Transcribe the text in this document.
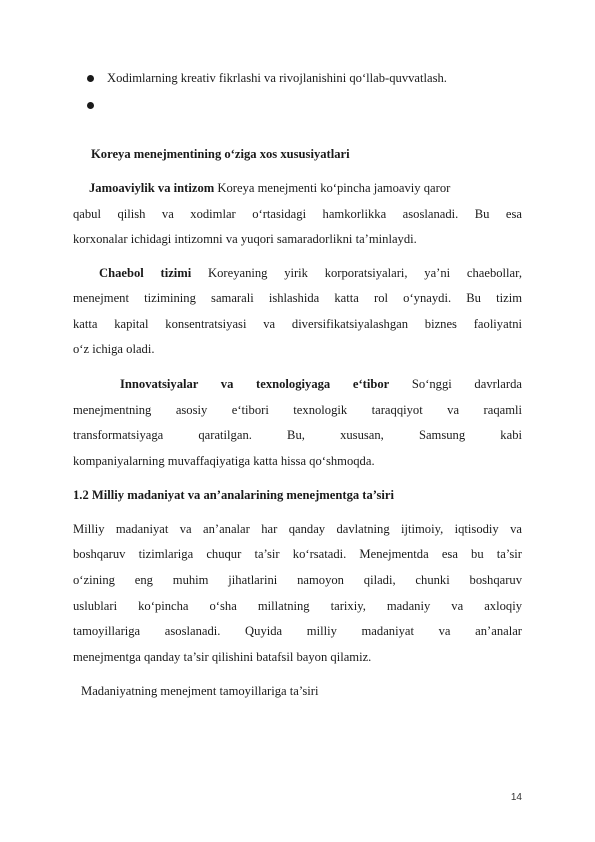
Xodimlarning kreativ fikrlashi va rivojlanishini qo‘llab-quvvatlash.
Koreya menejmentining o‘ziga xos xususiyatlari
Jamoaviylik va intizom Koreya menejmenti ko‘pincha jamoaviy qaror
qabul qilish va xodimlar o‘rtasidagi hamkorlikka asoslanadi. Bu esa
korxonalar ichidagi intizomni va yuqori samaradorlikni ta’minlaydi.
Chaebol tizimi Koreyaning yirik korporatsiyalari, ya’ni chaebollar,
menejment tizimining samarali ishlashida katta rol o‘ynaydi. Bu tizim
katta kapital konsentratsiyasi va diversifikatsiyalashgan biznes faoliyatni
o‘z ichiga oladi.
Innovatsiyalar va texnologiyaga e‘tibor So‘nggi davrlarda
menejmentning asosiy e‘tibori texnologik taraqqiyot va raqamli
transformatsiyaga qaratilgan. Bu, xususan, Samsung kabi
kompaniyalarning muvaffaqiyatiga katta hissa qo‘shmoqda.
1.2 Milliy madaniyat va an’analarining menejmentga ta’siri
Milliy madaniyat va an’analar har qanday davlatning ijtimoiy, iqtisodiy va
boshqaruv tizimlariga chuqur ta’sir ko‘rsatadi. Menejmentda esa bu ta’sir
o‘zining eng muhim jihatlarini namoyon qiladi, chunki boshqaruv
uslublari ko‘pincha o‘sha millatning tarixiy, madaniy va axloqiy
tamoyillariga asoslanadi. Quyida milliy madaniyat va an’analar
menejmentga qanday ta’sir qilishini batafsil bayon qilamiz.
Madaniyatning menejment tamoyillariga ta’siri
14
